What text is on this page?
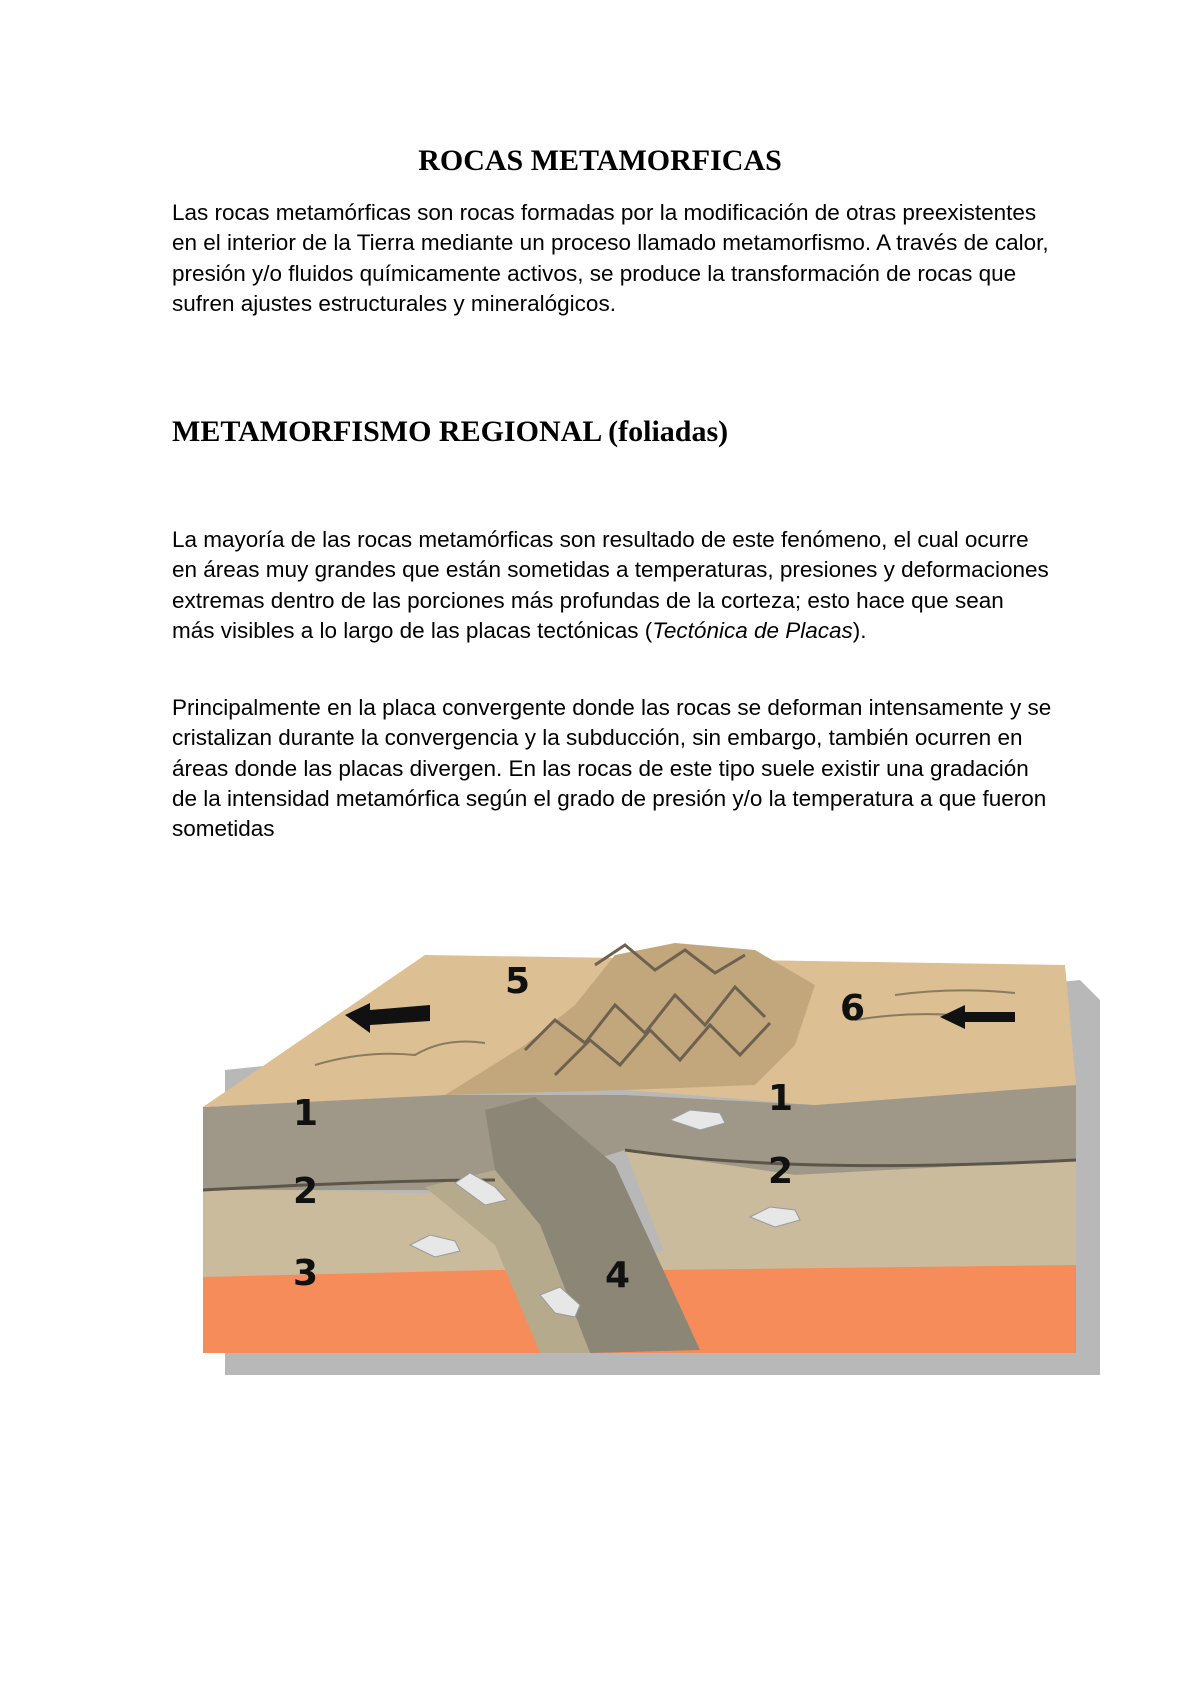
ROCAS METAMORFICAS

Las rocas metamórficas son rocas formadas por la modificación de otras preexistentes en el interior de la Tierra mediante un proceso llamado metamorfismo. A través de calor, presión y/o fluidos químicamente activos, se produce la transformación de rocas que sufren ajustes estructurales y mineralógicos.

METAMORFISMO REGIONAL (foliadas)

La mayoría de las rocas metamórficas son resultado de este fenómeno, el cual ocurre en áreas muy grandes que están sometidas a temperaturas, presiones y deformaciones extremas dentro de las porciones más profundas de la corteza; esto hace que sean más visibles a lo largo de las placas tectónicas (Tectónica de Placas).

Principalmente en la placa convergente donde las rocas se deforman intensamente y se cristalizan durante la convergencia y la subducción, sin embargo, también ocurren en áreas donde las placas divergen. En las rocas de este tipo suele existir una gradación de la intensidad metamórfica según el grado de presión y/o la temperatura a que fueron sometidas

1
2
3	4
5
6
1
2
